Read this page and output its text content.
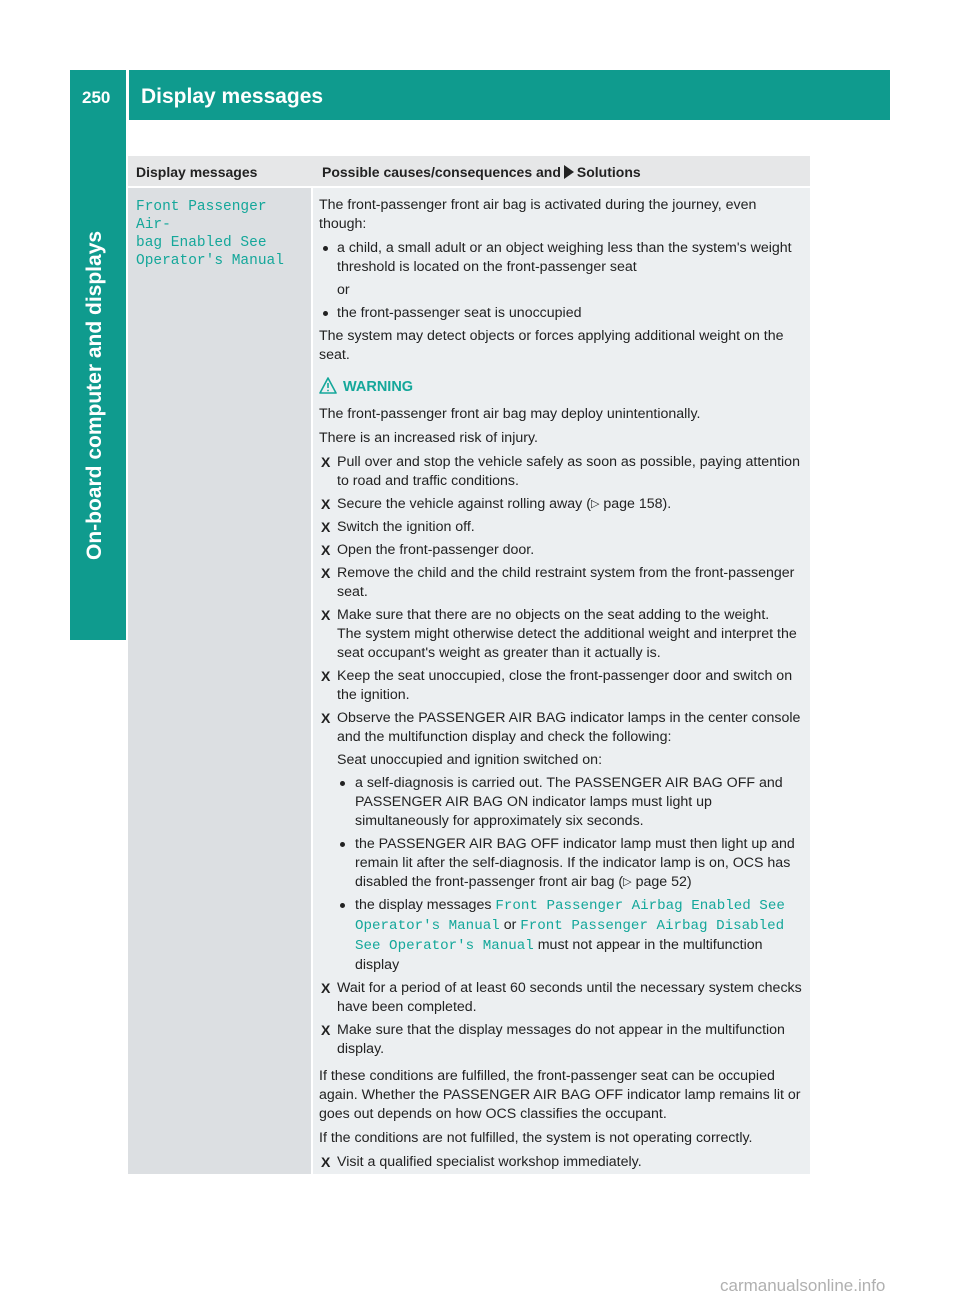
250 Display messages
On-board computer and displays
Display messages	Possible causes/consequences and Solutions
Front Passenger Air‐
bag Enabled See
Operator's Manual

The front-passenger front air bag is activated during the journey, even though:

a child, a small adult or an object weighing less than the system's weight threshold is located on the front-passenger seat
or
the front-passenger seat is unoccupied

The system may detect objects or forces applying additional weight on the seat.

WARNING

The front-passenger front air bag may deploy unintentionally.

There is an increased risk of injury.

X Pull over and stop the vehicle safely as soon as possible, paying attention to road and traffic conditions.
X Secure the vehicle against rolling away (▷ page 158).
X Switch the ignition off.
X Open the front-passenger door.
X Remove the child and the child restraint system from the front-passenger seat.
X Make sure that there are no objects on the seat adding to the weight.
The system might otherwise detect the additional weight and interpret the seat occupant's weight as greater than it actually is.
X Keep the seat unoccupied, close the front-passenger door and switch on the ignition.
X Observe the PASSENGER AIR BAG indicator lamps in the center console and the multifunction display and check the following:
Seat unoccupied and ignition switched on:
a self-diagnosis is carried out. The PASSENGER AIR BAG OFF and PASSENGER AIR BAG ON indicator lamps must light up simultaneously for approximately six seconds.
the PASSENGER AIR BAG OFF indicator lamp must then light up and remain lit after the self-diagnosis. If the indicator lamp is on, OCS has disabled the front-passenger front air bag (▷ page 52)
the display messages Front Passenger Airbag Enabled See Operator's Manual or Front Passenger Airbag Disabled See Operator's Manual must not appear in the multifunction display
X Wait for a period of at least 60 seconds until the necessary system checks have been completed.
X Make sure that the display messages do not appear in the multifunction display.

If these conditions are fulfilled, the front-passenger seat can be occupied again. Whether the PASSENGER AIR BAG OFF indicator lamp remains lit or goes out depends on how OCS classifies the occupant.

If the conditions are not fulfilled, the system is not operating correctly.

X Visit a qualified specialist workshop immediately.
carmanualsonline.info
